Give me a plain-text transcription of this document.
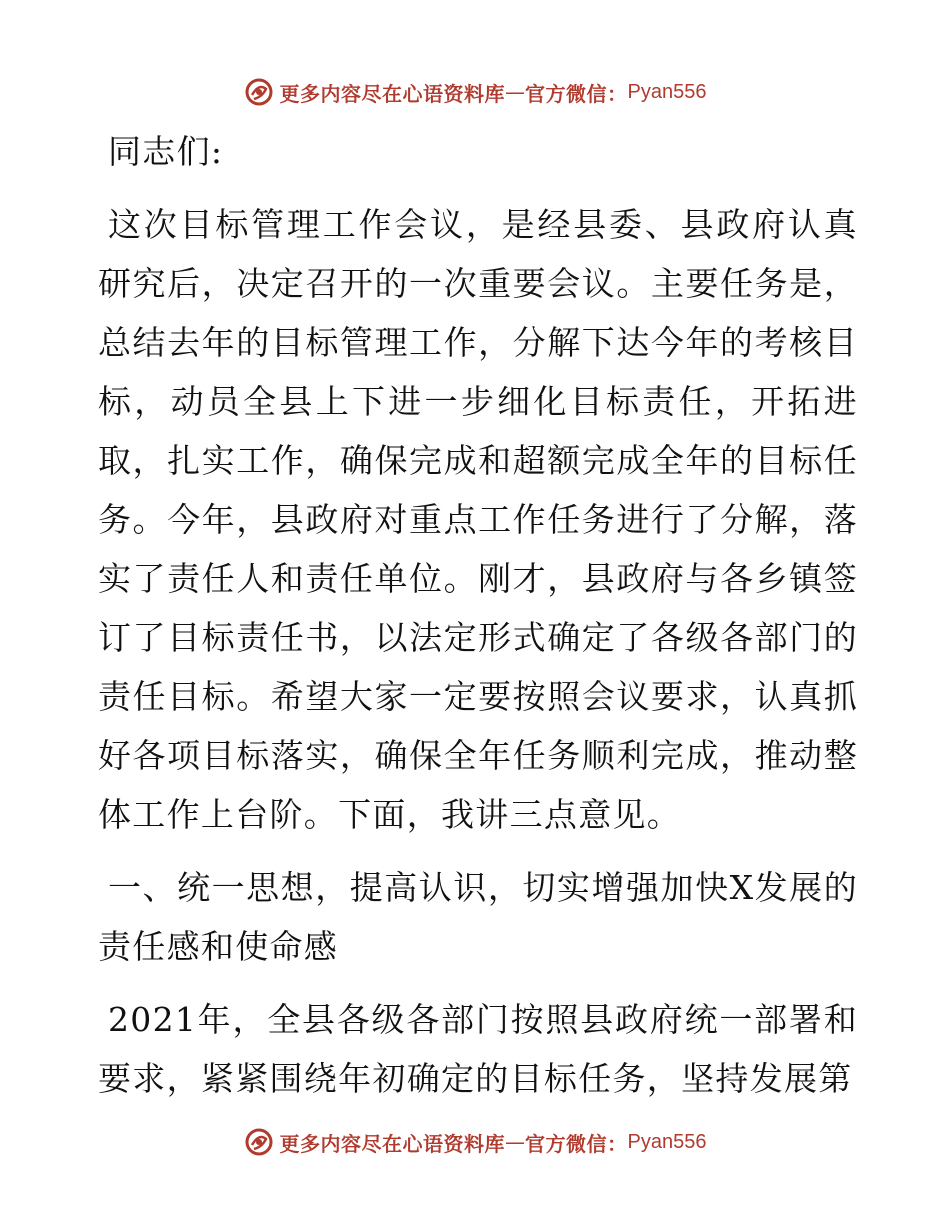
更多内容尽在心语资料库 — 官方微信： Pyan556

同志们:

这次目标管理工作会议，是经县委、县政府认真研究后，决定召开的一次重要会议。主要任务是，总结去年的目标管理工作，分解下达今年的考核目标，动员全县上下进一步细化目标责任，开拓进取，扎实工作，确保完成和超额完成全年的目标任务。今年，县政府对重点工作任务进行了分解，落实了责任人和责任单位。刚才，县政府与各乡镇签订了目标责任书，以法定形式确定了各级各部门的责任目标。希望大家一定要按照会议要求，认真抓好各项目标落实，确保全年任务顺利完成，推动整体工作上台阶。下面，我讲三点意见。

一、统一思想，提高认识，切实增强加快X发展的责任感和使命感

2021年，全县各级各部门按照县政府统一部署和要求，紧紧围绕年初确定的目标任务，坚持发展第

更多内容尽在心语资料库 — 官方微信： Pyan556
